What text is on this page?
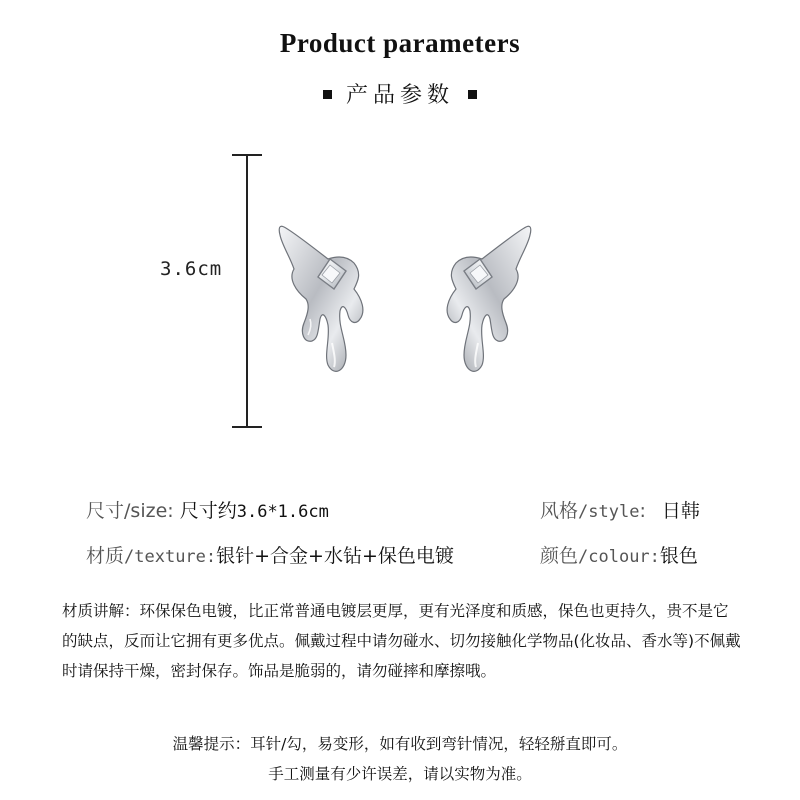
Product parameters
产品参数
3.6cm
尺寸/size: 尺寸约3.6*1.6cm	风格/style: 日韩
材质/texture:银针+合金+水钻+保色电镀	颜色/colour:银色
材质讲解：环保保色电镀，比正常普通电镀层更厚，更有光泽度和质感，保色也更持久，贵不是它的缺点，反而让它拥有更多优点。佩戴过程中请勿碰水、切勿接触化学物品(化妆品、香水等)不佩戴时请保持干燥，密封保存。饰品是脆弱的，请勿碰摔和摩擦哦。
温馨提示：耳针/勾，易变形，如有收到弯针情况，轻轻掰直即可。
手工测量有少许误差，请以实物为准。
